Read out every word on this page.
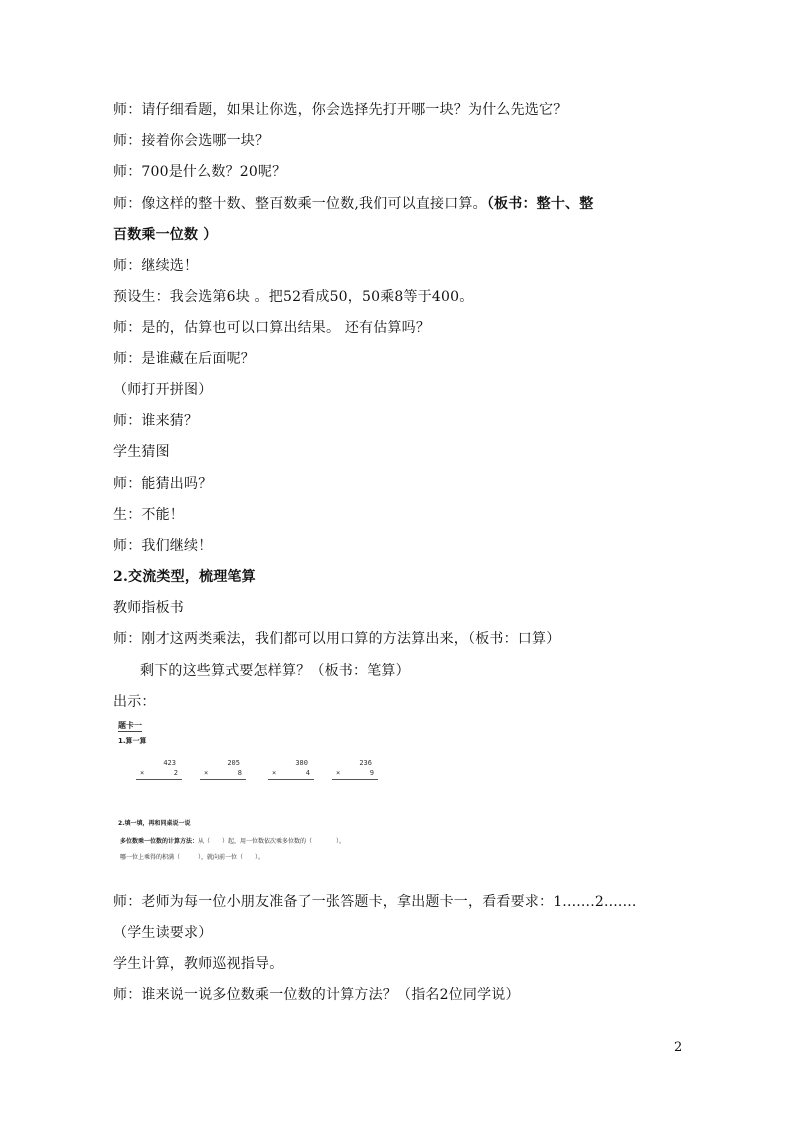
师：请仔细看题，如果让你选，你会选择先打开哪一块？为什么先选它？
师：接着你会选哪一块？
师：700是什么数？20呢？
师：像这样的整十数、整百数乘一位数,我们可以直接口算。（板书：整十、整
百数乘一位数 ）
师：继续选！
预设生：我会选第6块 。把52看成50，50乘8等于400。
师：是的，估算也可以口算出结果。 还有估算吗？
师：是谁藏在后面呢？
（师打开拼图）
师：谁来猜？
学生猜图
师：能猜出吗？
生：不能！
师：我们继续！
2.交流类型，梳理笔算
教师指板书
师：刚才这两类乘法，我们都可以用口算的方法算出来，（板书：口算）
剩下的这些算式要怎样算？（板书：笔算）
出示：
题卡一
1.算一算
423
×	2
205
×	8
380
×	4
236
×	9
2.填一填，再和同桌说一说
多位数乘一位数的计算方法：从（　　）起，用一位数依次乘多位数的（　　　　）。
哪一位上乘得的积满（　　　），就向前一位（　　）。
师：老师为每一位小朋友准备了一张答题卡，拿出题卡一，看看要求：1.......2.......
（学生读要求）
学生计算，教师巡视指导。
师：谁来说一说多位数乘一位数的计算方法？（指名2位同学说）
2
